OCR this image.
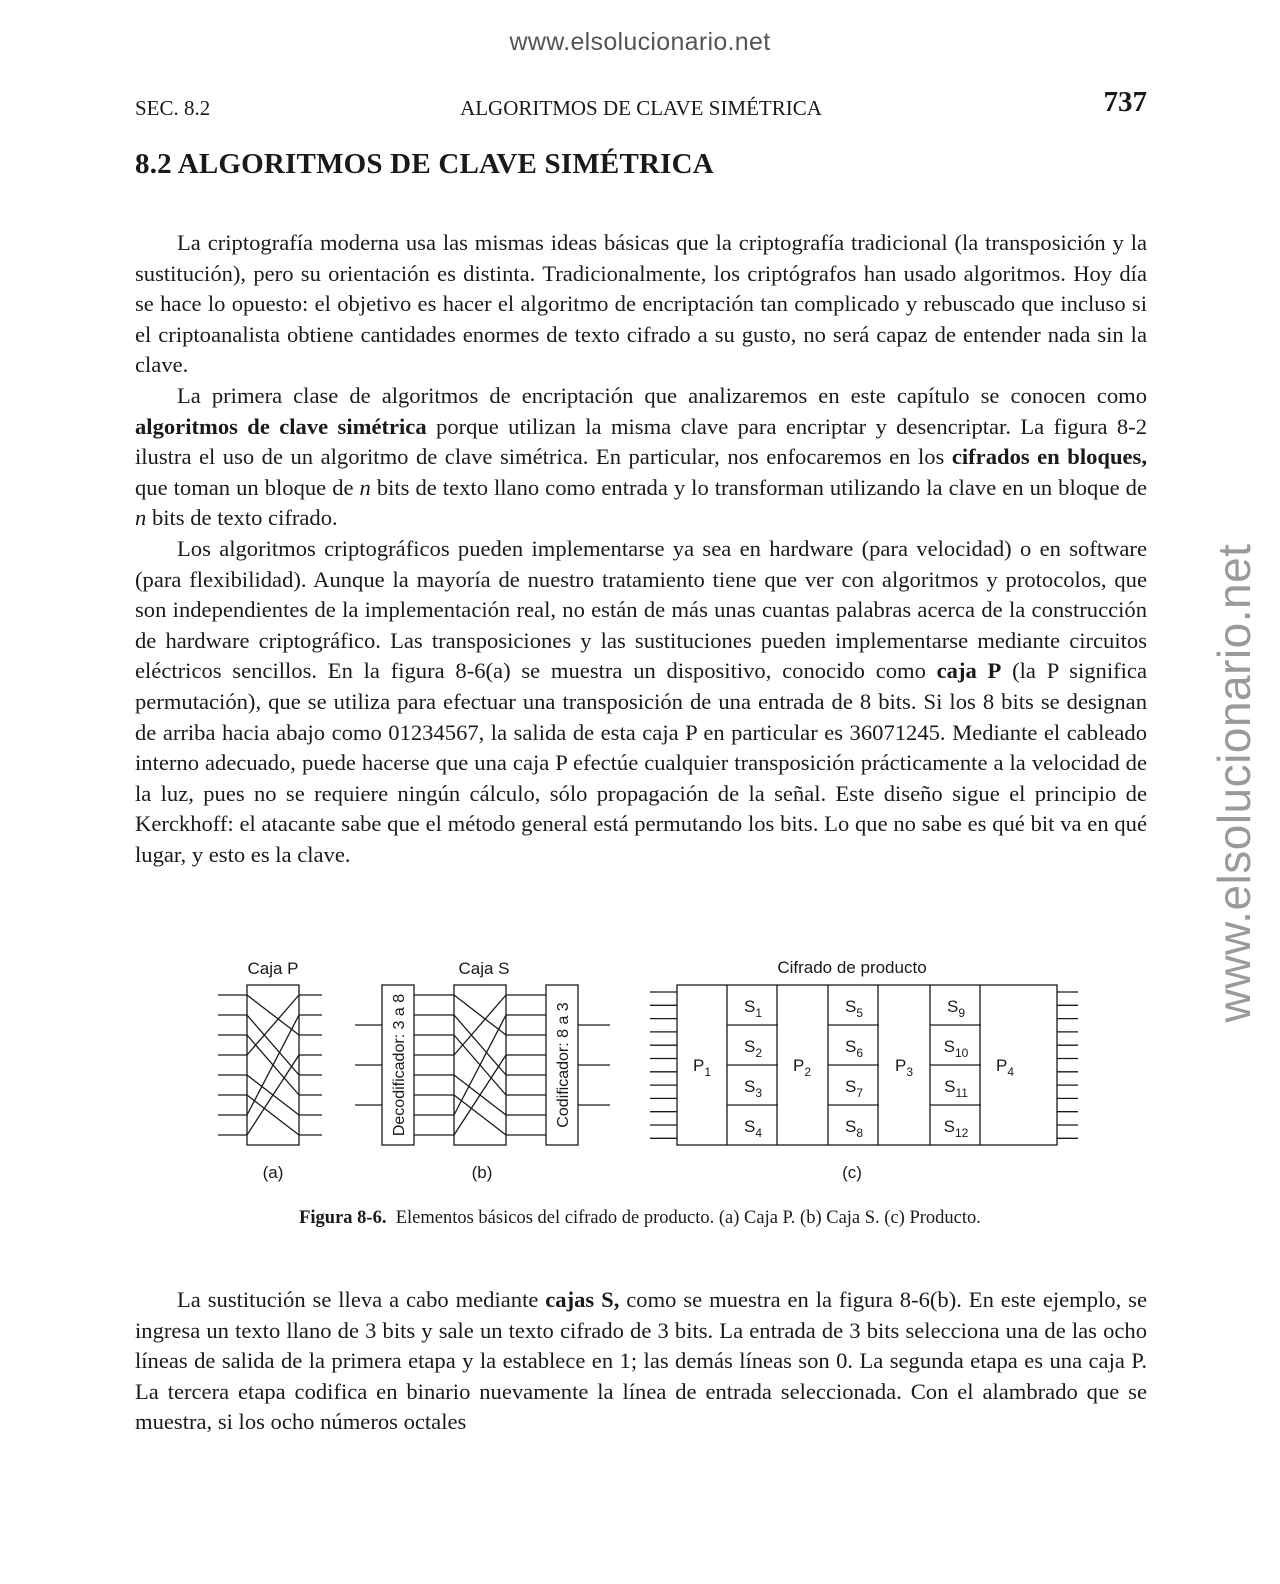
www.elsolucionario.net
www.elsolucionario.net
SEC. 8.2	ALGORITMOS DE CLAVE SIMÉTRICA	737
8.2 ALGORITMOS DE CLAVE SIMÉTRICA

La criptografía moderna usa las mismas ideas básicas que la criptografía tradicional (la transposición y la sustitución), pero su orientación es distinta. Tradicionalmente, los criptógrafos han usado algoritmos. Hoy día se hace lo opuesto: el objetivo es hacer el algoritmo de encriptación tan complicado y rebuscado que incluso si el criptoanalista obtiene cantidades enormes de texto cifrado a su gusto, no será capaz de entender nada sin la clave.

La primera clase de algoritmos de encriptación que analizaremos en este capítulo se conocen como algoritmos de clave simétrica porque utilizan la misma clave para encriptar y desencriptar. La figura 8-2 ilustra el uso de un algoritmo de clave simétrica. En particular, nos enfocaremos en los cifrados en bloques, que toman un bloque de n bits de texto llano como entrada y lo transforman utilizando la clave en un bloque de n bits de texto cifrado.

Los algoritmos criptográficos pueden implementarse ya sea en hardware (para velocidad) o en software (para flexibilidad). Aunque la mayoría de nuestro tratamiento tiene que ver con algoritmos y protocolos, que son independientes de la implementación real, no están de más unas cuantas palabras acerca de la construcción de hardware criptográfico. Las transposiciones y las sustituciones pueden implementarse mediante circuitos eléctricos sencillos. En la figura 8-6(a) se muestra un dispositivo, conocido como caja P (la P significa permutación), que se utiliza para efectuar una transposición de una entrada de 8 bits. Si los 8 bits se designan de arriba hacia abajo como 01234567, la salida de esta caja P en particular es 36071245. Mediante el cableado interno adecuado, puede hacerse que una caja P efectúe cualquier transposición prácticamente a la velocidad de la luz, pues no se requiere ningún cálculo, sólo propagación de la señal. Este diseño sigue el principio de Kerckhoff: el atacante sabe que el método general está permutando los bits. Lo que no sabe es qué bit va en qué lugar, y esto es la clave.

Caja P	Caja S	Cifrado de producto
(a)	(b)	(c)
Decodificador: 3 a 8	Codificador: 8 a 3	$P_1$	$P_2$	$P_3$	$P_4$
$S_1$
$S_2$
$S_3$
$S_4$
$S_5$
$S_6$
$S_7$
$S_8$
$S_9$
$S_{10}$
$S_{11}$
$S_{12}$
Figura 8-6. Elementos básicos del cifrado de producto. (a) Caja P. (b) Caja S. (c) Producto.

La sustitución se lleva a cabo mediante cajas S, como se muestra en la figura 8-6(b). En este ejemplo, se ingresa un texto llano de 3 bits y sale un texto cifrado de 3 bits. La entrada de 3 bits selecciona una de las ocho líneas de salida de la primera etapa y la establece en 1; las demás líneas son 0. La segunda etapa es una caja P. La tercera etapa codifica en binario nuevamente la línea de entrada seleccionada. Con el alambrado que se muestra, si los ocho números octales
